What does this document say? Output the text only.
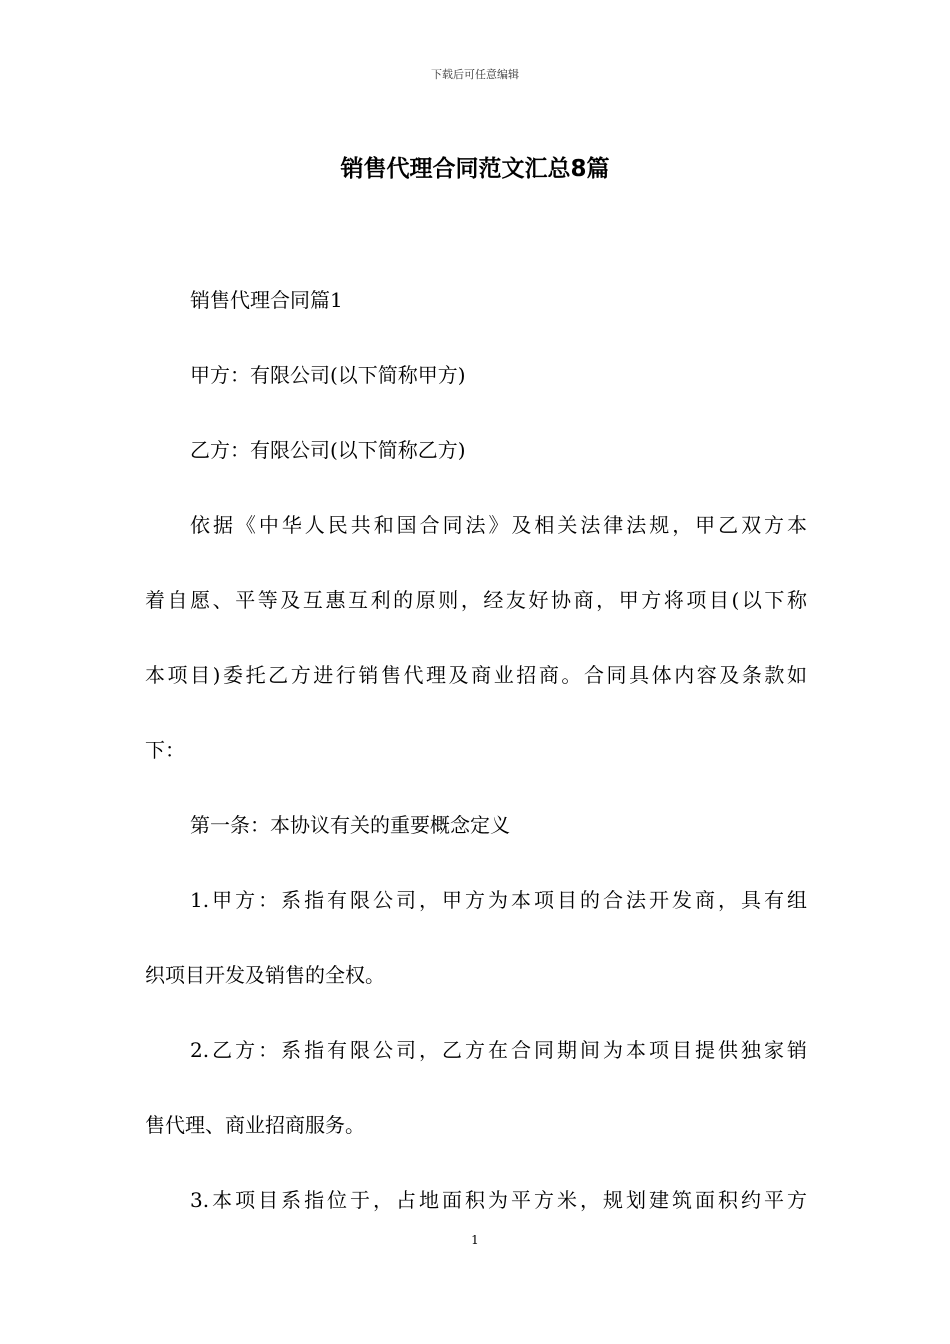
下载后可任意编辑
销售代理合同范文汇总8篇

销售代理合同篇1

甲方：有限公司(以下简称甲方)

乙方：有限公司(以下简称乙方)

依据《中华人民共和国合同法》及相关法律法规，甲乙双方本

着自愿、平等及互惠互利的原则，经友好协商，甲方将项目(以下称

本项目)委托乙方进行销售代理及商业招商。合同具体内容及条款如

下：

第一条：本协议有关的重要概念定义

1.甲方：系指有限公司，甲方为本项目的合法开发商，具有组

织项目开发及销售的全权。

2.乙方：系指有限公司，乙方在合同期间为本项目提供独家销

售代理、商业招商服务。

3.本项目系指位于，占地面积为平方米，规划建筑面积约平方

1
